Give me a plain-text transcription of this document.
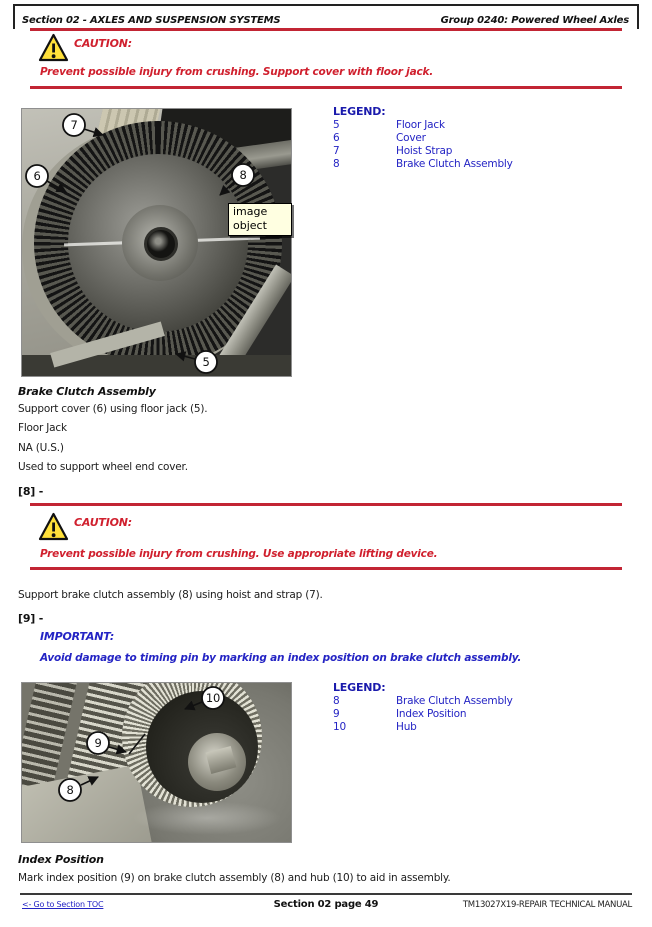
Section 02 - AXLES AND SUSPENSION SYSTEMS	Group 0240: Powered Wheel Axles
CAUTION:
Prevent possible injury from crushing. Support cover with floor jack.
7
6	8
5
image object
LEGEND:
5	Floor Jack
6	Cover
7	Hoist Strap
8	Brake Clutch Assembly
Brake Clutch Assembly
Support cover (6) using floor jack (5).
Floor Jack
NA (U.S.)
Used to support wheel end cover.
[8] -
CAUTION:
Prevent possible injury from crushing. Use appropriate lifting device.
Support brake clutch assembly (8) using hoist and strap (7).
[9] -
IMPORTANT:
Avoid damage to timing pin by marking an index position on brake clutch assembly.
10
9
8
LEGEND:
8	Brake Clutch Assembly
9	Index Position
10	Hub
Index Position
Mark index position (9) on brake clutch assembly (8) and hub (10) to aid in assembly.
<- Go to Section TOC	Section 02 page 49	TM13027X19-REPAIR TECHNICAL MANUAL
